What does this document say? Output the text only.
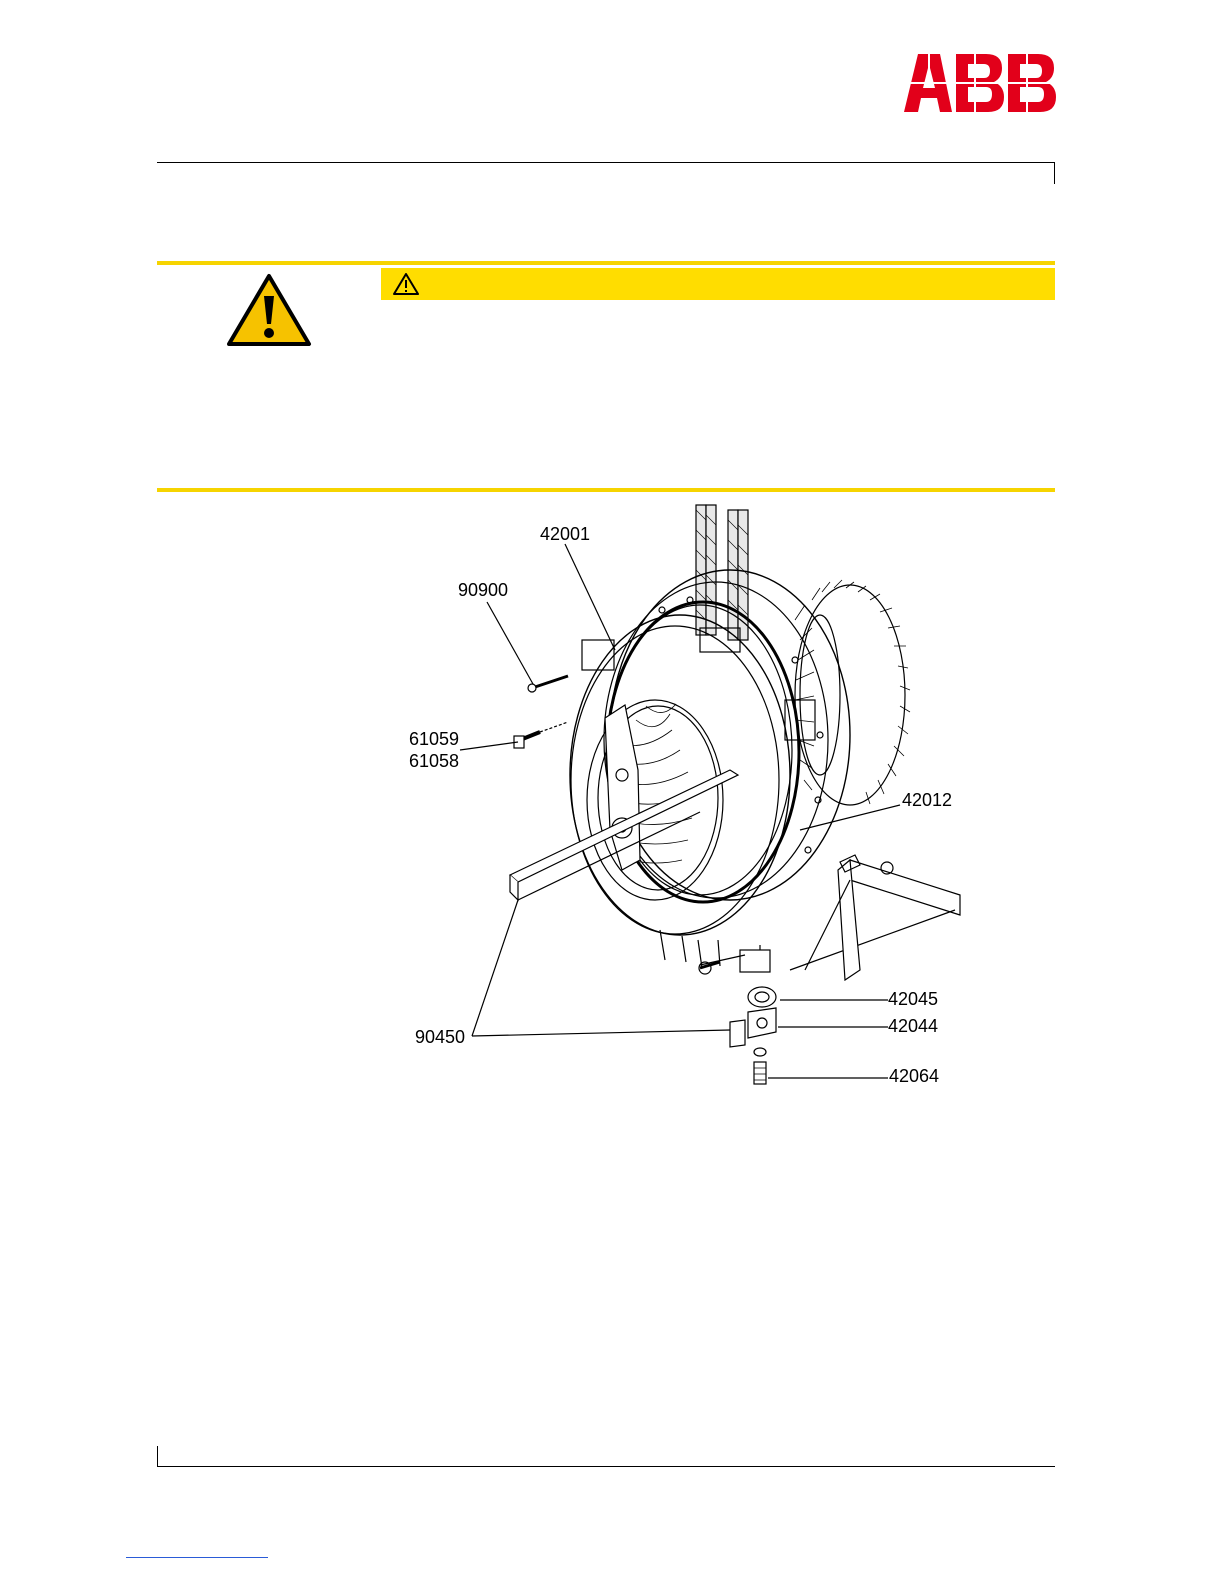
42001
90900
61059
61058
42012
42045
42044
90450
42064
